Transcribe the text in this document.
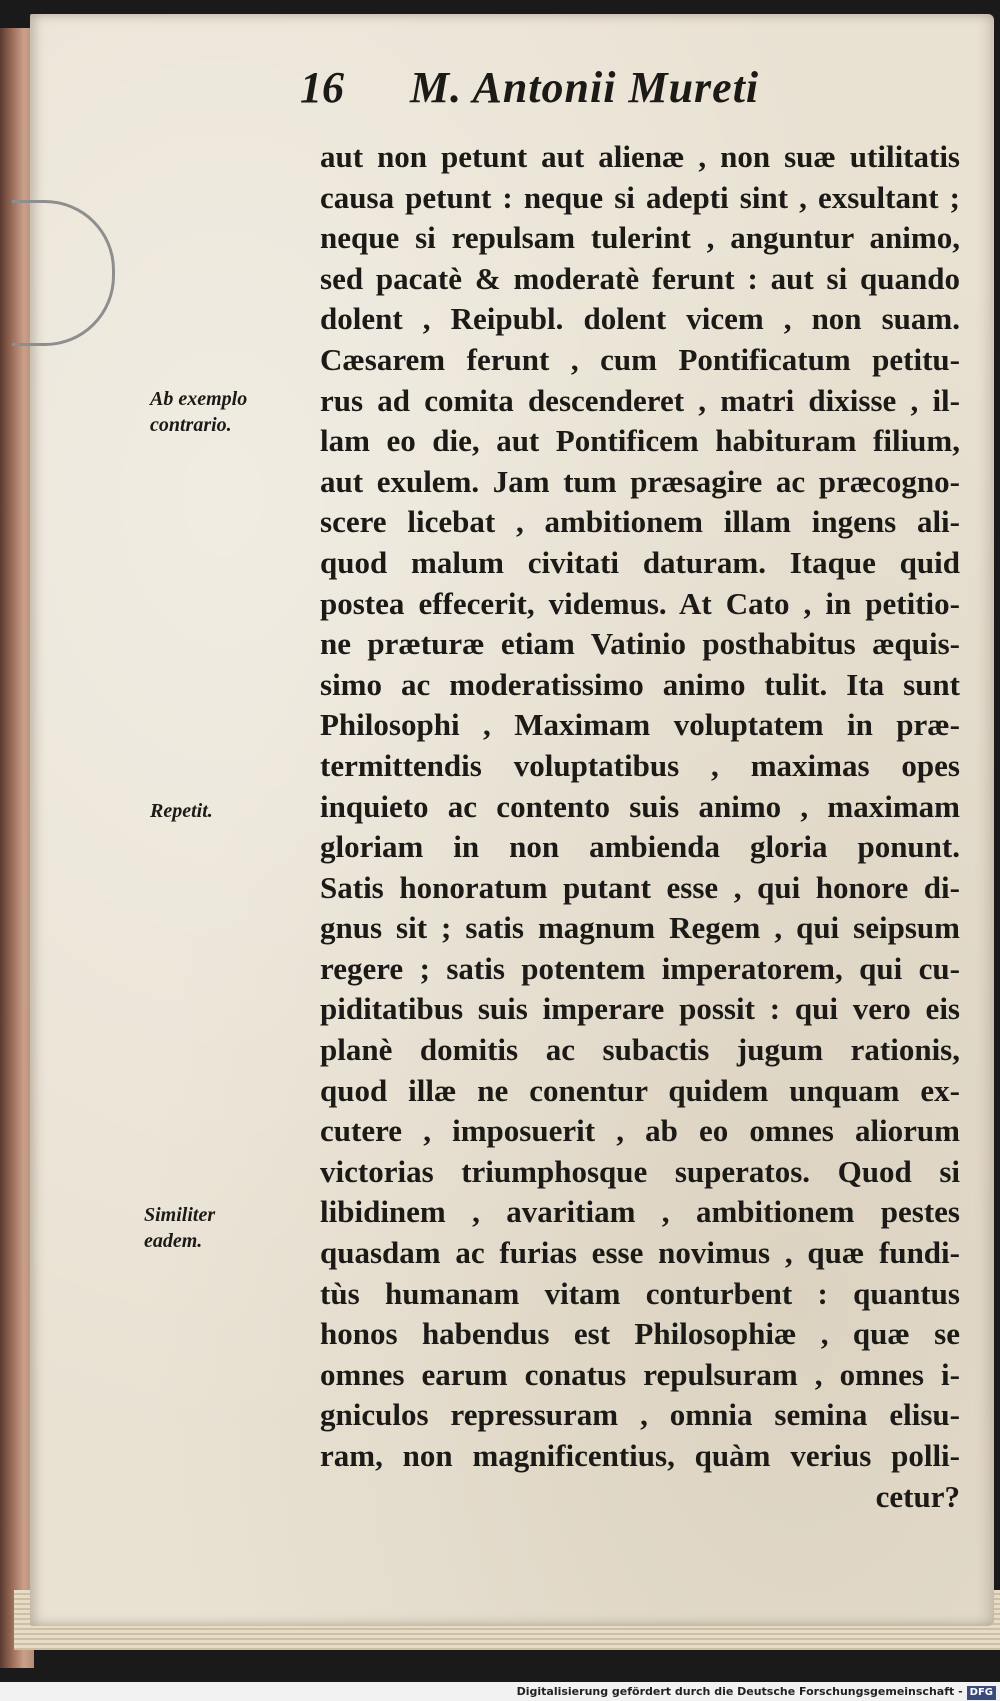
16 M. Antonii Mureti
aut non petunt aut alienæ , non suæ utilitatis
causa petunt : neque si adepti sint , exsultant ;
neque si repulsam tulerint , anguntur animo,
sed pacatè & moderatè ferunt : aut si quando
dolent , Reipubl. dolent vicem , non suam.
Cæsarem ferunt , cum Pontificatum petitu-
rus ad comita descenderet , matri dixisse , il-
lam eo die, aut Pontificem habituram filium,
aut exulem. Jam tum præsagire ac præcogno-
scere licebat , ambitionem illam ingens ali-
quod malum civitati daturam. Itaque quid
postea effecerit, videmus. At Cato , in petitio-
ne præturæ etiam Vatinio posthabitus æquis-
simo ac moderatissimo animo tulit. Ita sunt
Philosophi , Maximam voluptatem in præ-
termittendis voluptatibus , maximas opes
inquieto ac contento suis animo , maximam
gloriam in non ambienda gloria ponunt.
Satis honoratum putant esse , qui honore di-
gnus sit ; satis magnum Regem , qui seipsum
regere ; satis potentem imperatorem, qui cu-
piditatibus suis imperare possit : qui vero eis
planè domitis ac subactis jugum rationis,
quod illæ ne conentur quidem unquam ex-
cutere , imposuerit , ab eo omnes aliorum
victorias triumphosque superatos. Quod si
libidinem , avaritiam , ambitionem pestes
quasdam ac furias esse novimus , quæ fundi-
tùs humanam vitam conturbent : quantus
honos habendus est Philosophiæ , quæ se
omnes earum conatus repulsuram , omnes i-
gniculos repressuram , omnia semina elisu-
ram, non magnificentius, quàm verius polli-
cetur?
Ab exemplo
contrario.
Repetit.
Similiter
eadem.
Digitalisierung gefördert durch die Deutsche Forschungsgemeinschaft - DFG
